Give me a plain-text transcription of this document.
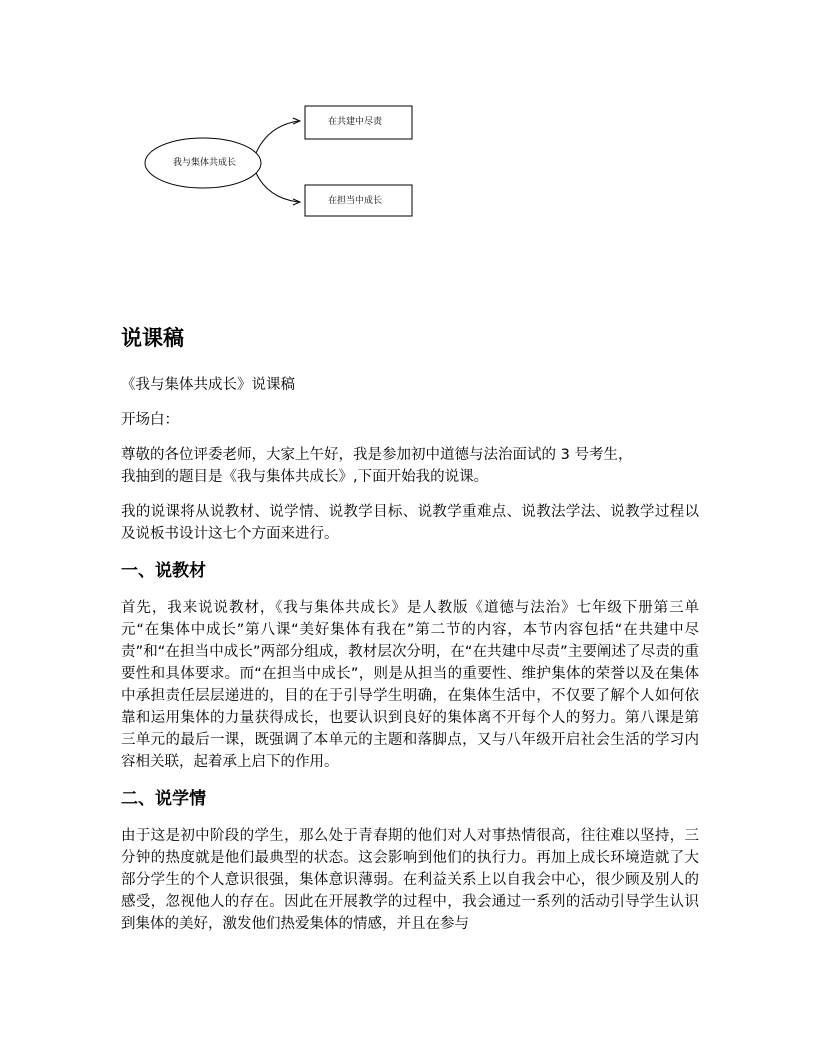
我与集体共成长
在共建中尽责
在担当中成长
说课稿

《我与集体共成长》说课稿

开场白：

尊敬的各位评委老师，大家上午好，我是参加初中道德与法治面试的 3 号考生，
我抽到的题目是《我与集体共成长》,下面开始我的说课。

我的说课将从说教材、说学情、说教学目标、说教学重难点、说教法学法、说教学过程以及说板书设计这七个方面来进行。

一、说教材

首先，我来说说教材，《我与集体共成长》是人教版《道德与法治》七年级下册第三单元“在集体中成长”第八课“美好集体有我在”第二节的内容，本节内容包括“在共建中尽责”和“在担当中成长”两部分组成，教材层次分明，在“在共建中尽责”主要阐述了尽责的重要性和具体要求。而“在担当中成长”，则是从担当的重要性、维护集体的荣誉以及在集体中承担责任层层递进的，目的在于引导学生明确，在集体生活中，不仅要了解个人如何依靠和运用集体的力量获得成长，也要认识到良好的集体离不开每个人的努力。第八课是第三单元的最后一课，既强调了本单元的主题和落脚点，又与八年级开启社会生活的学习内容相关联，起着承上启下的作用。

二、说学情

由于这是初中阶段的学生，那么处于青春期的他们对人对事热情很高，往往难以坚持，三分钟的热度就是他们最典型的状态。这会影响到他们的执行力。再加上成长环境造就了大部分学生的个人意识很强，集体意识薄弱。在利益关系上以自我会中心，很少顾及别人的感受，忽视他人的存在。因此在开展教学的过程中，我会通过一系列的活动引导学生认识到集体的美好，激发他们热爱集体的情感，并且在参与
